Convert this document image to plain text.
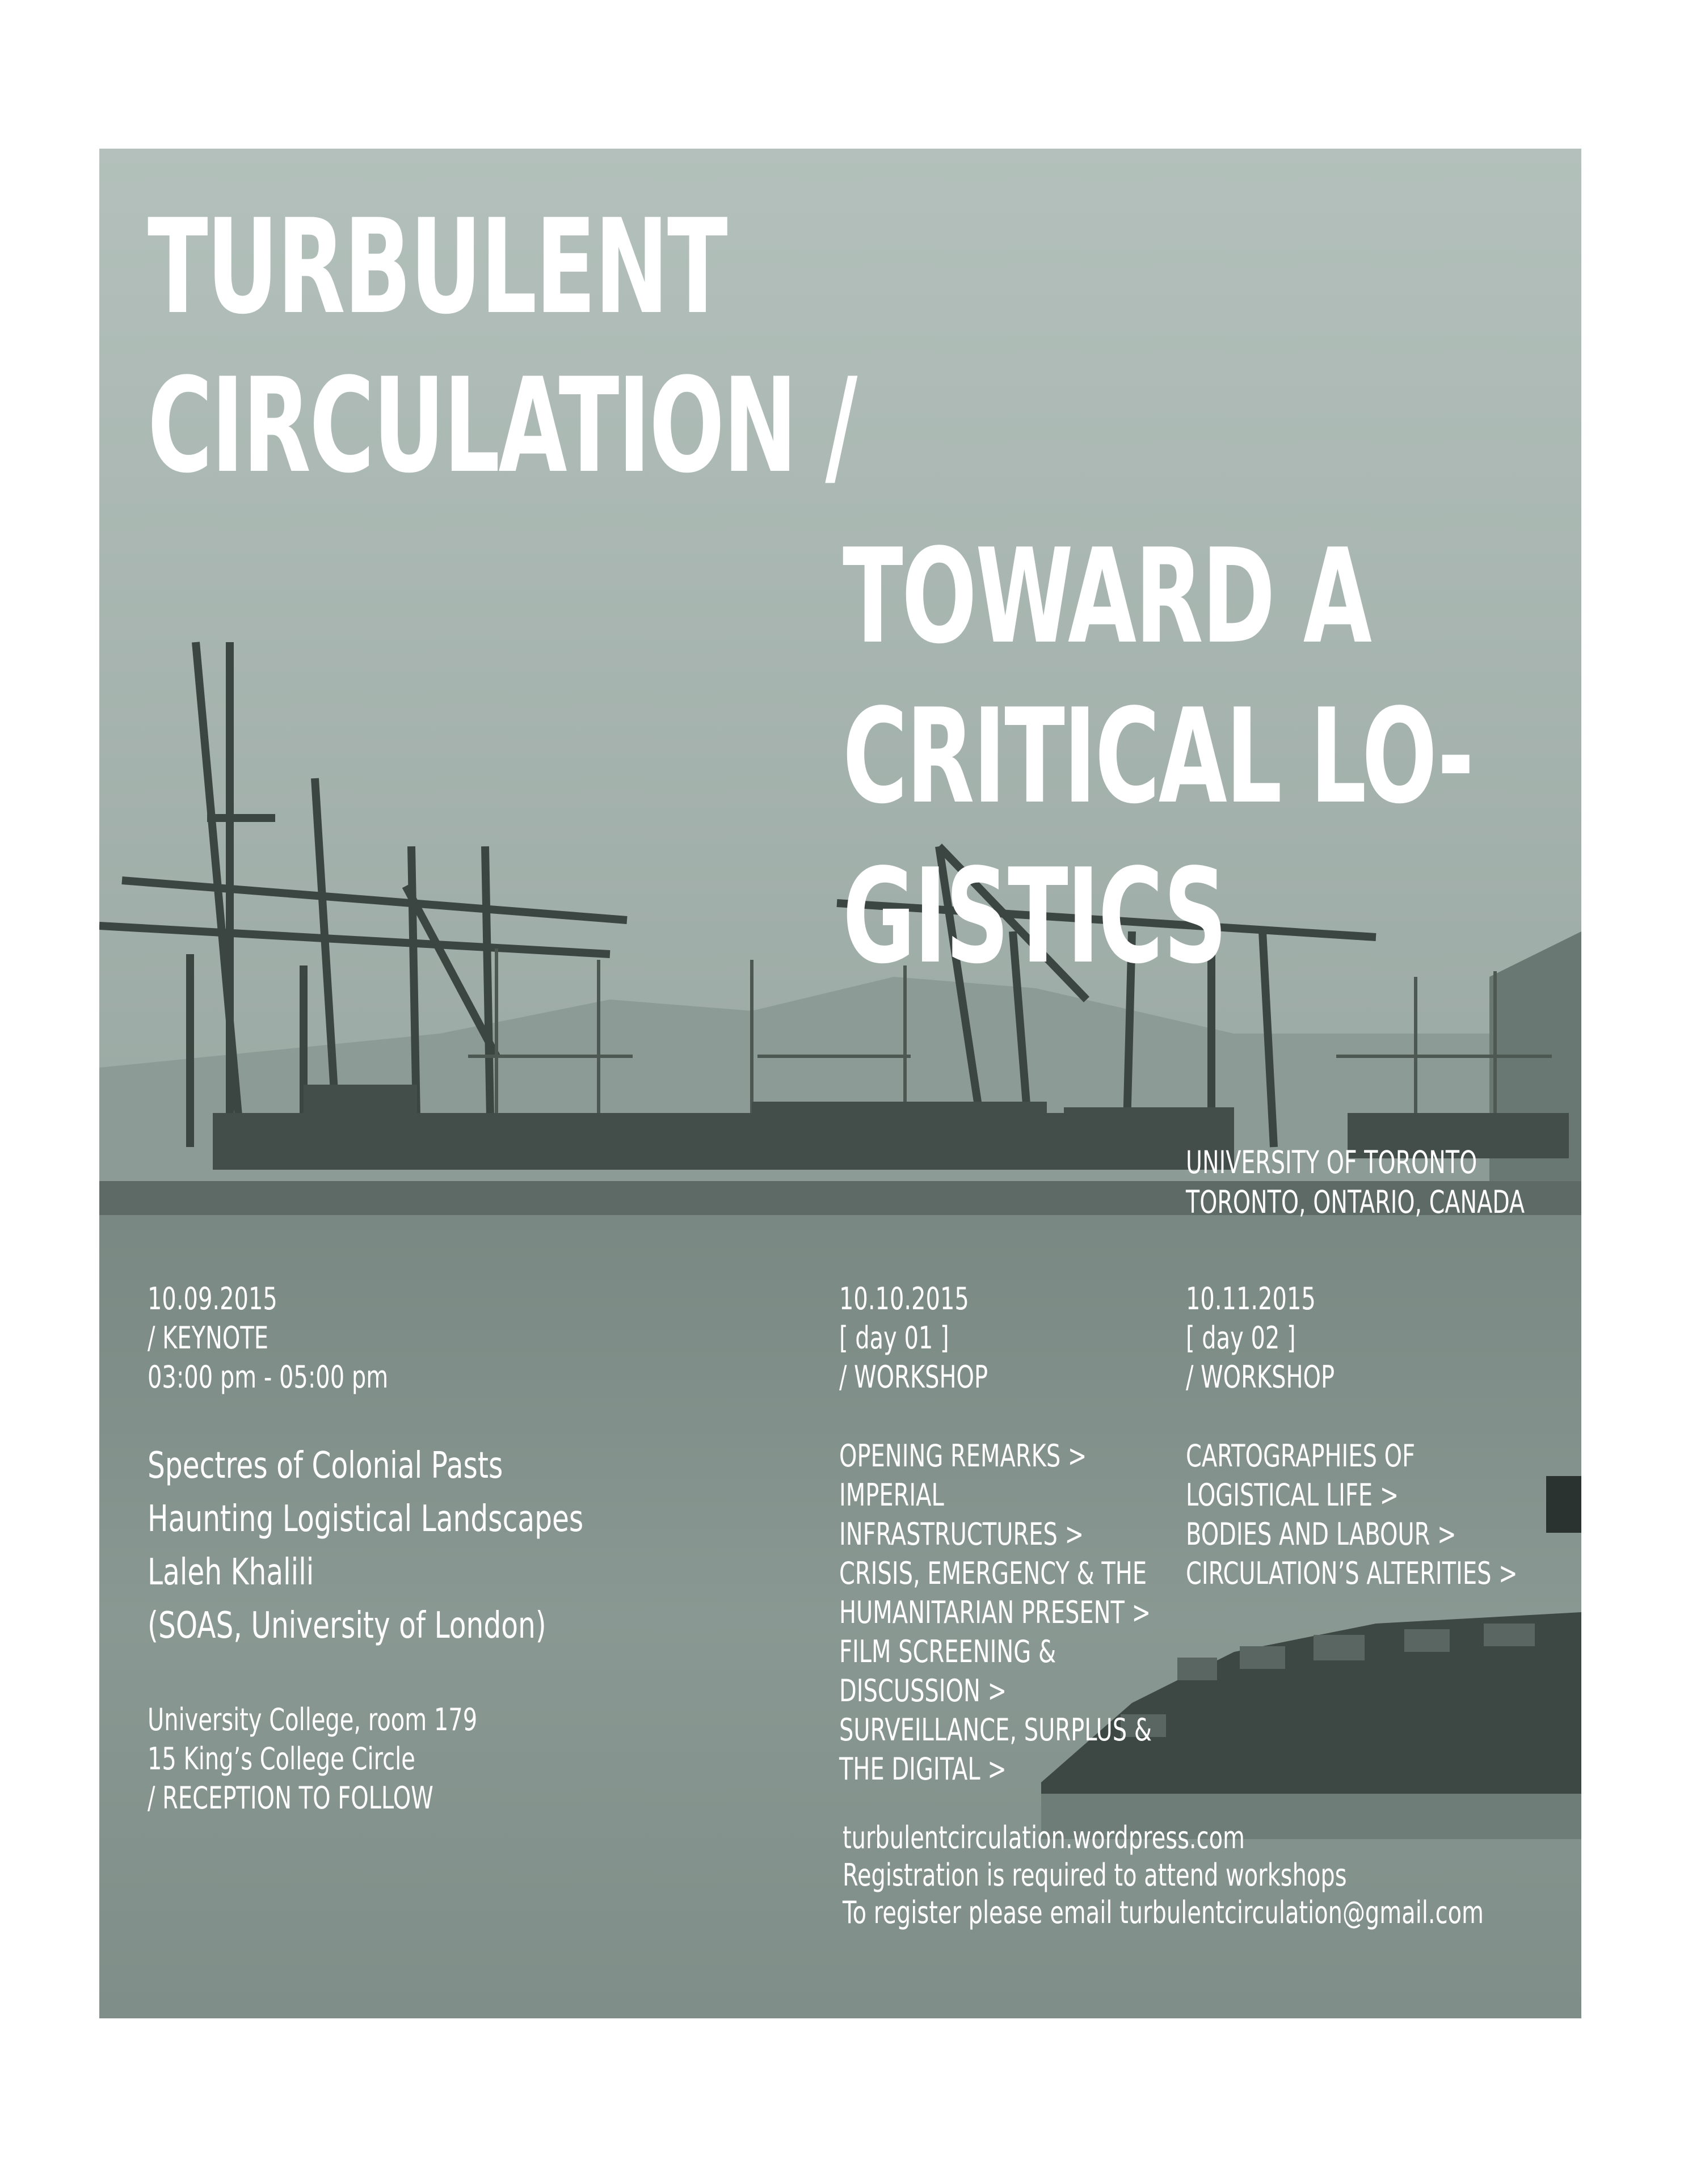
TURBULENT
CIRCULATION /
TOWARD A
CRITICAL LO-
GISTICS
UNIVERSITY OF TORONTO
TORONTO, ONTARIO, CANADA
10.09.2015
/ KEYNOTE
03:00 pm - 05:00 pm
Spectres of Colonial Pasts
Haunting Logistical Landscapes
Laleh Khalili
(SOAS, University of London)
University College, room 179
15 King’s College Circle
/ RECEPTION TO FOLLOW
10.10.2015
[ day 01 ]
/ WORKSHOP
OPENING REMARKS >
IMPERIAL
INFRASTRUCTURES >
CRISIS, EMERGENCY & THE
HUMANITARIAN PRESENT >
FILM SCREENING &
DISCUSSION >
SURVEILLANCE, SURPLUS &
THE DIGITAL >
10.11.2015
[ day 02 ]
/ WORKSHOP
CARTOGRAPHIES OF
LOGISTICAL LIFE >
BODIES AND LABOUR >
CIRCULATION’S ALTERITIES >
turbulentcirculation.wordpress.com
Registration is required to attend workshops
To register please email turbulentcirculation@gmail.com
